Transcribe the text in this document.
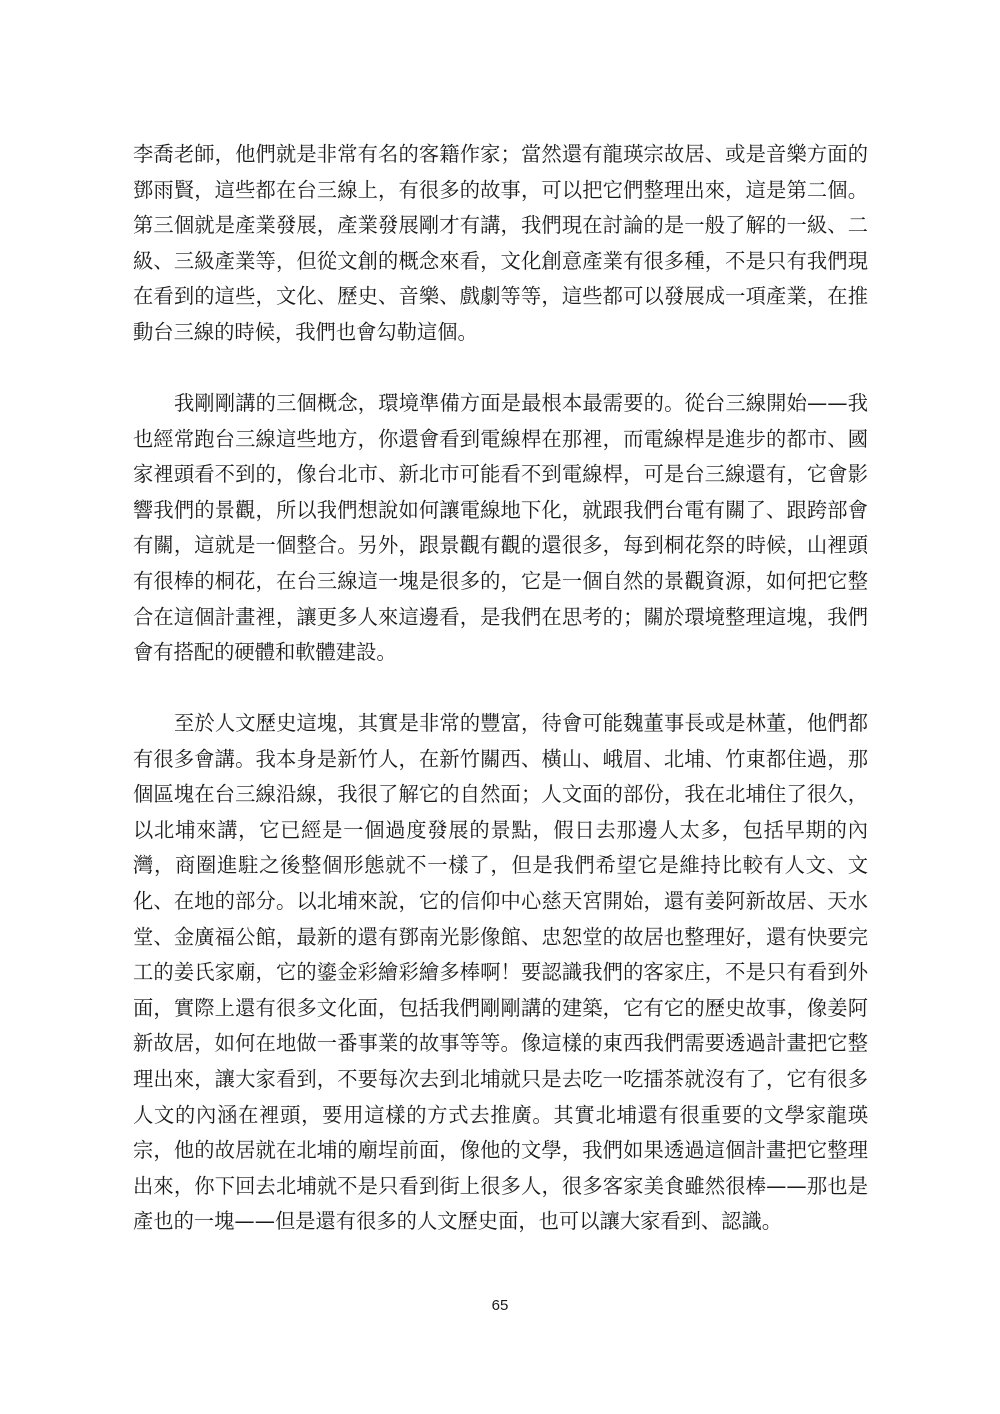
李喬老師，他們就是非常有名的客籍作家；當然還有龍瑛宗故居、或是音樂方面的鄧雨賢，這些都在台三線上，有很多的故事，可以把它們整理出來，這是第二個。第三個就是產業發展，產業發展剛才有講，我們現在討論的是一般了解的一級、二級、三級產業等，但從文創的概念來看，文化創意產業有很多種，不是只有我們現在看到的這些，文化、歷史、音樂、戲劇等等，這些都可以發展成一項產業，在推動台三線的時候，我們也會勾勒這個。

我剛剛講的三個概念，環境準備方面是最根本最需要的。從台三線開始——我也經常跑台三線這些地方，你還會看到電線桿在那裡，而電線桿是進步的都市、國家裡頭看不到的，像台北市、新北市可能看不到電線桿，可是台三線還有，它會影響我們的景觀，所以我們想說如何讓電線地下化，就跟我們台電有關了、跟跨部會有關，這就是一個整合。另外，跟景觀有觀的還很多，每到桐花祭的時候，山裡頭有很棒的桐花，在台三線這一塊是很多的，它是一個自然的景觀資源，如何把它整合在這個計畫裡，讓更多人來這邊看，是我們在思考的；關於環境整理這塊，我們會有搭配的硬體和軟體建設。

至於人文歷史這塊，其實是非常的豐富，待會可能魏董事長或是林董，他們都有很多會講。我本身是新竹人，在新竹關西、橫山、峨眉、北埔、竹東都住過，那個區塊在台三線沿線，我很了解它的自然面；人文面的部份，我在北埔住了很久，以北埔來講，它已經是一個過度發展的景點，假日去那邊人太多，包括早期的內灣，商圈進駐之後整個形態就不一樣了，但是我們希望它是維持比較有人文、文化、在地的部分。以北埔來說，它的信仰中心慈天宮開始，還有姜阿新故居、天水堂、金廣福公館，最新的還有鄧南光影像館、忠恕堂的故居也整理好，還有快要完工的姜氏家廟，它的鎏金彩繪彩繪多棒啊！要認識我們的客家庄，不是只有看到外面，實際上還有很多文化面，包括我們剛剛講的建築，它有它的歷史故事，像姜阿新故居，如何在地做一番事業的故事等等。像這樣的東西我們需要透過計畫把它整理出來，讓大家看到，不要每次去到北埔就只是去吃一吃擂茶就沒有了，它有很多人文的內涵在裡頭，要用這樣的方式去推廣。其實北埔還有很重要的文學家龍瑛宗，他的故居就在北埔的廟埕前面，像他的文學，我們如果透過這個計畫把它整理出來，你下回去北埔就不是只看到街上很多人，很多客家美食雖然很棒——那也是產也的一塊——但是還有很多的人文歷史面，也可以讓大家看到、認識。

65
